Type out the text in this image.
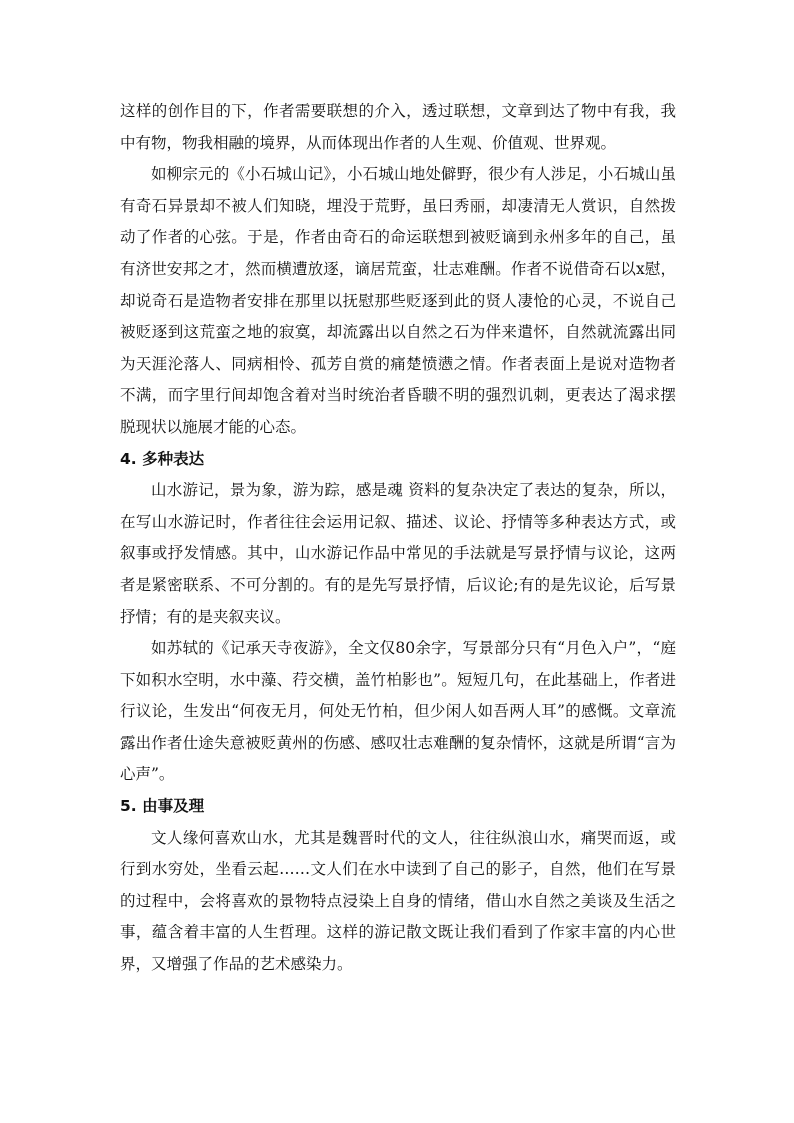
这样的创作目的下，作者需要联想的介入，透过联想，文章到达了物中有我，我中有物，物我相融的境界，从而体现出作者的人生观、价值观、世界观。

如柳宗元的《小石城山记》，小石城山地处僻野，很少有人涉足，小石城山虽有奇石异景却不被人们知晓，埋没于荒野，虽曰秀丽，却凄清无人赏识，自然拨动了作者的心弦。于是，作者由奇石的命运联想到被贬谪到永州多年的自己，虽有济世安邦之才，然而横遭放逐，谪居荒蛮，壮志难酬。作者不说借奇石以x慰，却说奇石是造物者安排在那里以抚慰那些贬逐到此的贤人凄怆的心灵，不说自己被贬逐到这荒蛮之地的寂寞，却流露出以自然之石为伴来遣怀，自然就流露出同为天涯沦落人、同病相怜、孤芳自赏的痛楚愤懑之情。作者表面上是说对造物者不满，而字里行间却饱含着对当时统治者昏聩不明的强烈讥刺，更表达了渴求摆脱现状以施展才能的心态。

4. 多种表达

山水游记，景为象，游为踪，感是魂 资料的复杂决定了表达的复杂，所以，在写山水游记时，作者往往会运用记叙、描述、议论、抒情等多种表达方式，或叙事或抒发情感。其中，山水游记作品中常见的手法就是写景抒情与议论，这两者是紧密联系、不可分割的。有的是先写景抒情，后议论;有的是先议论，后写景抒情；有的是夹叙夹议。

如苏轼的《记承天寺夜游》，全文仅80余字，写景部分只有“月色入户”，“庭下如积水空明，水中藻、荇交横，盖竹柏影也”。短短几句，在此基础上，作者进行议论，生发出“何夜无月，何处无竹柏，但少闲人如吾两人耳”的感慨。文章流露出作者仕途失意被贬黄州的伤感、感叹壮志难酬的复杂情怀，这就是所谓“言为心声”。

5. 由事及理

文人缘何喜欢山水，尤其是魏晋时代的文人，往往纵浪山水，痛哭而返，或行到水穷处，坐看云起……文人们在水中读到了自己的影子，自然，他们在写景的过程中，会将喜欢的景物特点浸染上自身的情绪，借山水自然之美谈及生活之事，蕴含着丰富的人生哲理。这样的游记散文既让我们看到了作家丰富的内心世界，又增强了作品的艺术感染力。
